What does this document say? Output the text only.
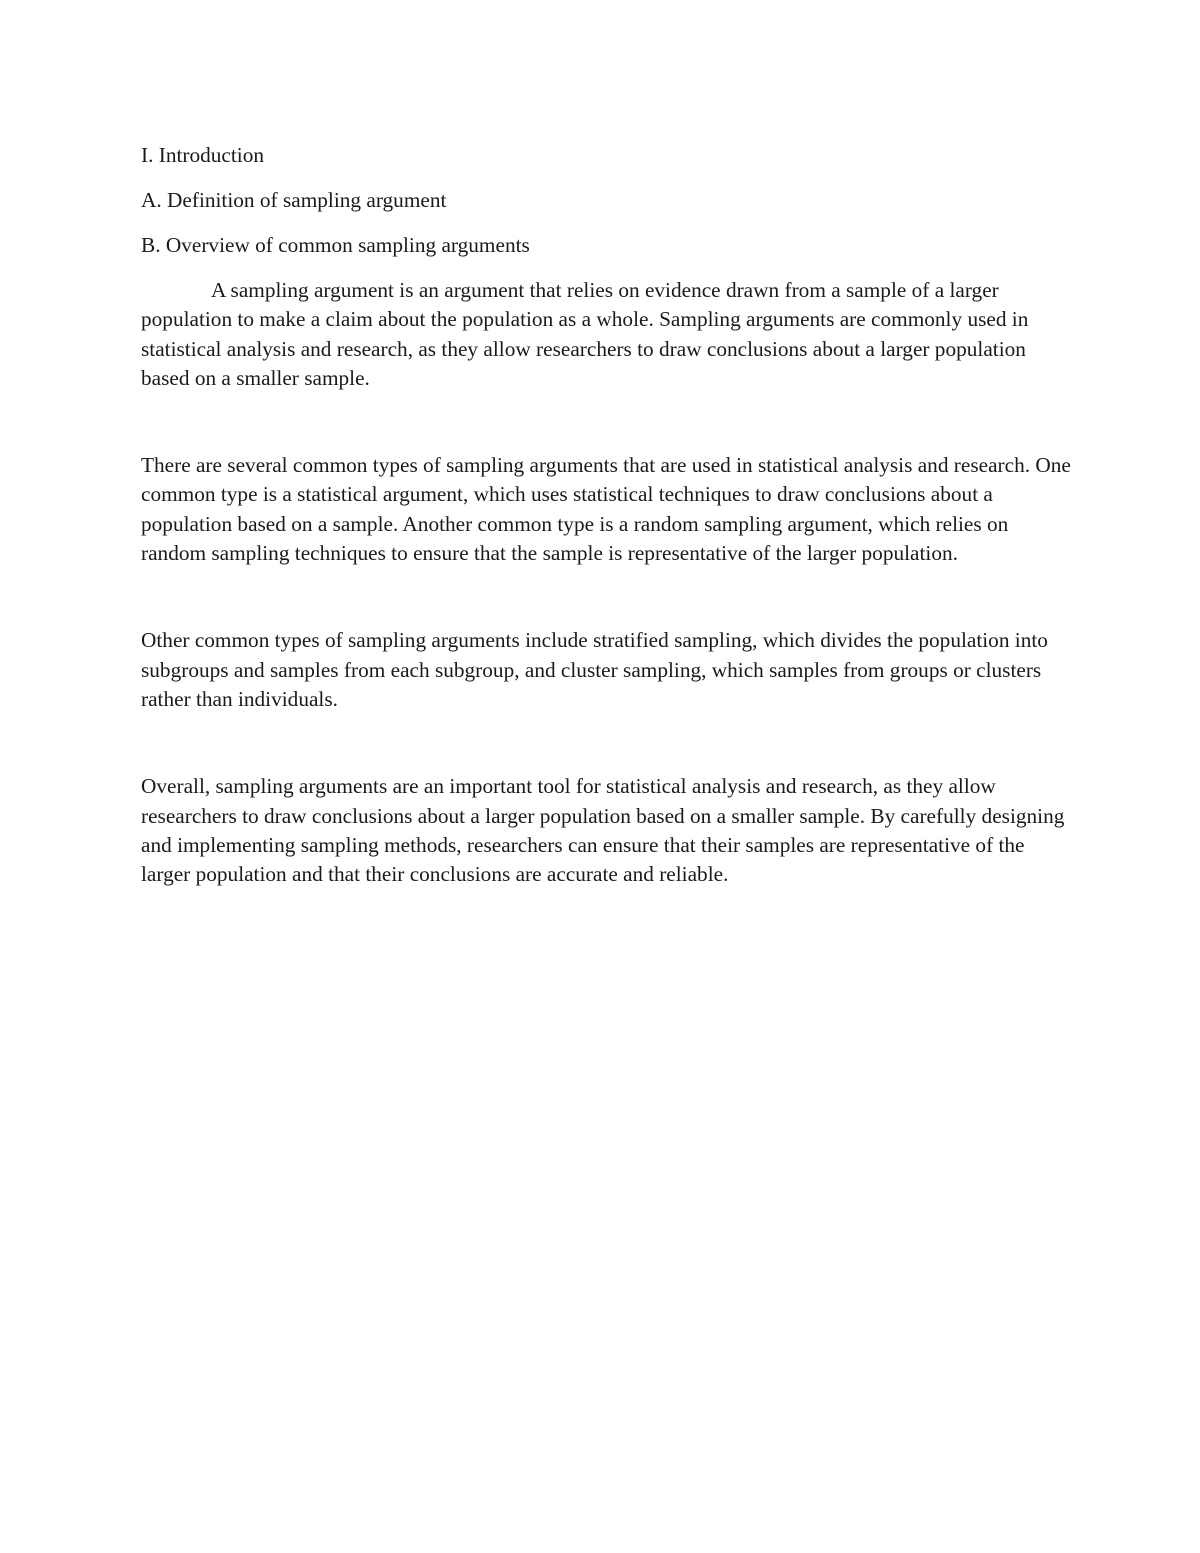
I. Introduction

A. Definition of sampling argument

B. Overview of common sampling arguments

A sampling argument is an argument that relies on evidence drawn from a sample of a larger population to make a claim about the population as a whole. Sampling arguments are commonly used in statistical analysis and research, as they allow researchers to draw conclusions about a larger population based on a smaller sample.

There are several common types of sampling arguments that are used in statistical analysis and research. One common type is a statistical argument, which uses statistical techniques to draw conclusions about a population based on a sample. Another common type is a random sampling argument, which relies on random sampling techniques to ensure that the sample is representative of the larger population.

Other common types of sampling arguments include stratified sampling, which divides the population into subgroups and samples from each subgroup, and cluster sampling, which samples from groups or clusters rather than individuals.

Overall, sampling arguments are an important tool for statistical analysis and research, as they allow researchers to draw conclusions about a larger population based on a smaller sample. By carefully designing and implementing sampling methods, researchers can ensure that their samples are representative of the larger population and that their conclusions are accurate and reliable.
